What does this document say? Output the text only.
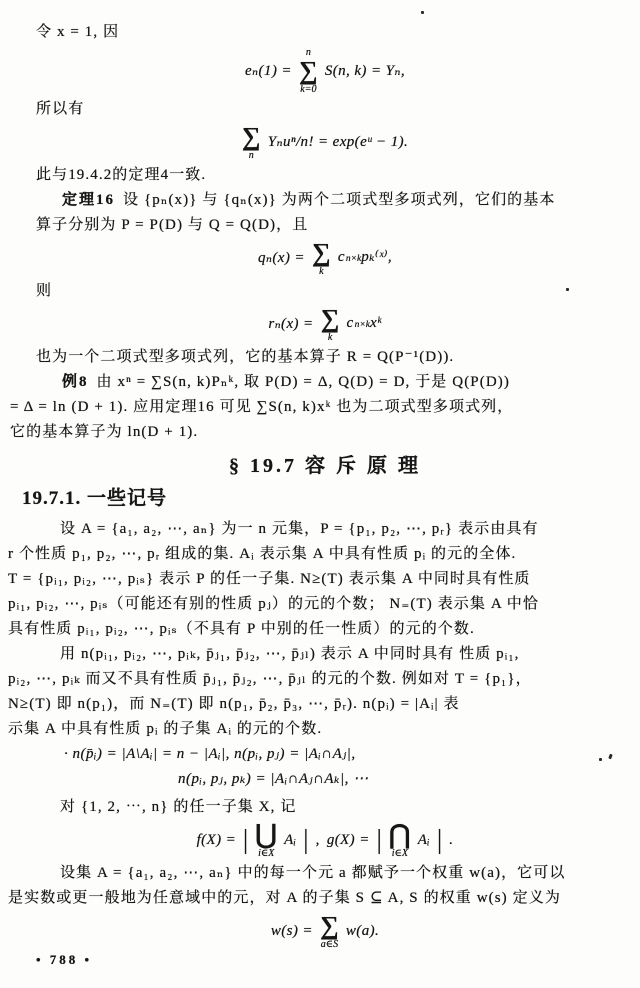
令 x = 1, 因
eₙ(1) =
n
∑
k=0
S(n, k) = Yₙ,
所以有
∑
n
Yₙuⁿ/n! = exp(eᵘ − 1).
此与19.4.2的定理4一致.
定理16 设 {pₙ(x)} 与 {qₙ(x)} 为两个二项式型多项式列，它们的基本
算子分别为 P = P(D) 与 Q = Q(D)，且
qₙ(x) = ∑
k
c n×k pₖ⁽ˣ⁾,
则
rₙ(x) = ∑
k
c n×k xᵏ
也为一个二项式型多项式列，它的基本算子 R = Q(P⁻¹(D)).
例8 由 xⁿ = ∑S(n, k)Pₙᵏ, 取 P(D) = Δ, Q(D) = D, 于是 Q(P(D))
= Δ = ln (D + 1). 应用定理16 可见 ∑S(n, k)xᵏ 也为二项式型多项式列，
它的基本算子为 ln(D + 1).
§ 19.7 容 斥 原 理
19.7.1. 一些记号
设 A = {a₁, a₂, ⋯, aₙ} 为一 n 元集，P = {p₁, p₂, ⋯, pᵣ} 表示由具有
r 个性质 p₁, p₂, ⋯, pᵣ 组成的集. Aᵢ 表示集 A 中具有性质 pᵢ 的元的全体.
T = {pᵢ₁, pᵢ₂, ⋯, pᵢₛ} 表示 P 的任一子集. N≥(T) 表示集 A 中同时具有性质
pᵢ₁, pᵢ₂, ⋯, pᵢₛ（可能还有别的性质 pⱼ）的元的个数； N₌(T) 表示集 A 中恰
具有性质 pᵢ₁, pᵢ₂, ⋯, pᵢₛ（不具有 P 中别的任一性质）的元的个数.
用 n(pᵢ₁, pᵢ₂, ⋯, pᵢₖ, p̄ⱼ₁, p̄ⱼ₂, ⋯, p̄ⱼₗ) 表示 A 中同时具有 性质 pᵢ₁,
pᵢ₂, ⋯, pᵢₖ 而又不具有性质 p̄ⱼ₁, p̄ⱼ₂, ⋯, p̄ⱼₗ 的元的个数. 例如对 T = {p₁}，
N≥(T) 即 n(p₁)，而 N₌(T) 即 n(p₁, p̄₂, p̄₃, ⋯, p̄ᵣ). n(pᵢ) = |Aᵢ| 表
示集 A 中具有性质 pᵢ 的子集 Aᵢ 的元的个数.
· n(p̄ᵢ) = |A\Aᵢ| = n − |Aᵢ|, n(pᵢ, pⱼ) = |Aᵢ∩Aⱼ|,
n(pᵢ, pⱼ, pₖ) = |Aᵢ∩Aⱼ∩Aₖ|, ⋯
对 {1, 2, ⋯, n} 的任一子集 X, 记
f(X) = | ⋃
i∈X
Aᵢ | , g(X) = | ⋂
i∈X
Aᵢ | .
设集 A = {a₁, a₂, ⋯, aₙ} 中的每一个元 a 都赋予一个权重 w(a)，它可以
是实数或更一般地为任意域中的元，对 A 的子集 S ⊆ A, S 的权重 w(s) 定义为
w(s) = ∑
a∈S
w(a).
• 788 •
